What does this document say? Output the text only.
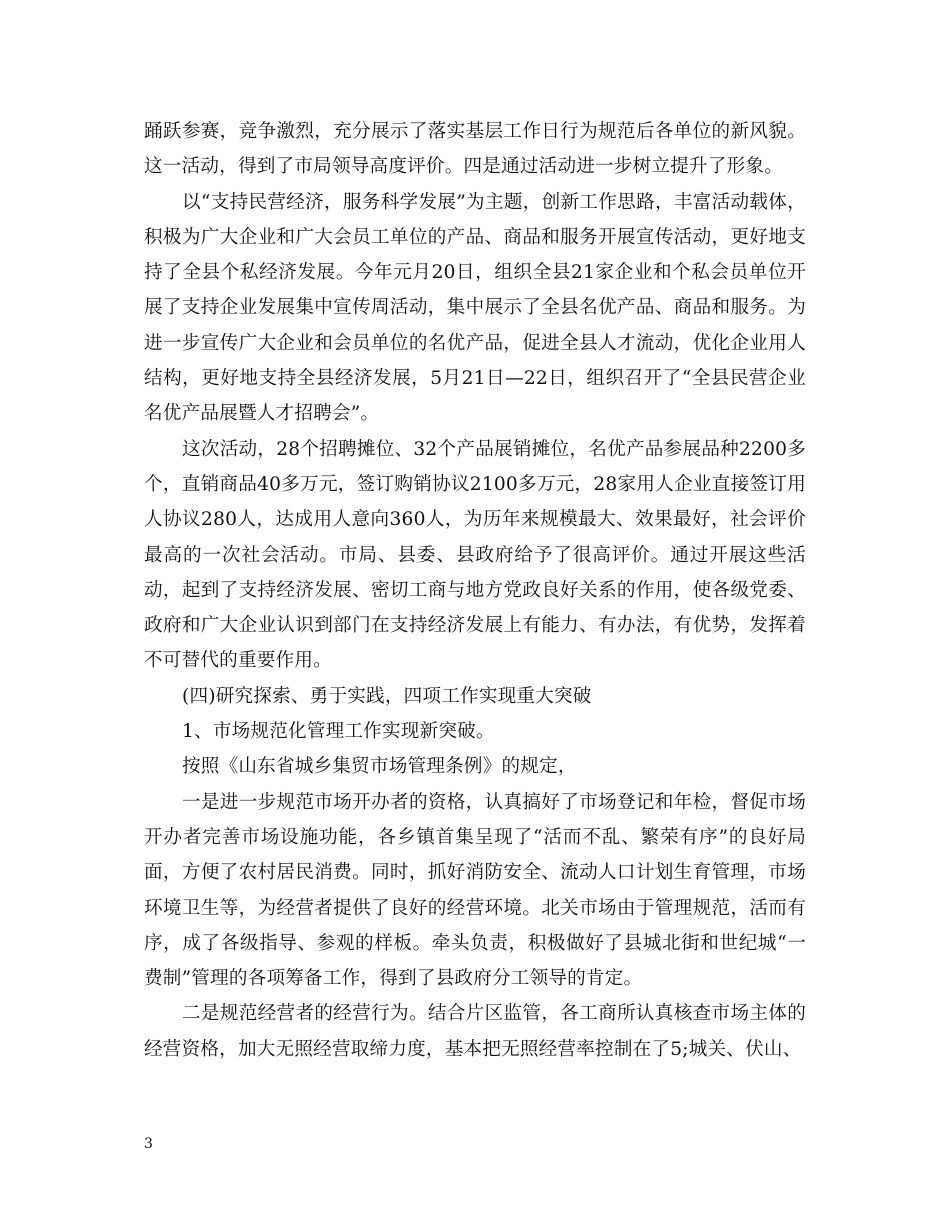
踊跃参赛，竞争激烈，充分展示了落实基层工作日行为规范后各单位的新风貌。这一活动，得到了市局领导高度评价。四是通过活动进一步树立提升了形象。

以“支持民营经济，服务科学发展”为主题，创新工作思路，丰富活动载体，积极为广大企业和广大会员工单位的产品、商品和服务开展宣传活动，更好地支持了全县个私经济发展。今年元月20日，组织全县21家企业和个私会员单位开展了支持企业发展集中宣传周活动，集中展示了全县名优产品、商品和服务。为进一步宣传广大企业和会员单位的名优产品，促进全县人才流动，优化企业用人结构，更好地支持全县经济发展，5月21日—22日，组织召开了“全县民营企业名优产品展暨人才招聘会”。

这次活动，28个招聘摊位、32个产品展销摊位，名优产品参展品种2200多个，直销商品40多万元，签订购销协议2100多万元，28家用人企业直接签订用人协议280人，达成用人意向360人，为历年来规模最大、效果最好，社会评价最高的一次社会活动。市局、县委、县政府给予了很高评价。通过开展这些活动，起到了支持经济发展、密切工商与地方党政良好关系的作用，使各级党委、政府和广大企业认识到部门在支持经济发展上有能力、有办法，有优势，发挥着不可替代的重要作用。

(四)研究探索、勇于实践，四项工作实现重大突破

1、市场规范化管理工作实现新突破。

按照《山东省城乡集贸市场管理条例》的规定，

一是进一步规范市场开办者的资格，认真搞好了市场登记和年检，督促市场开办者完善市场设施功能，各乡镇首集呈现了“活而不乱、繁荣有序”的良好局面，方便了农村居民消费。同时，抓好消防安全、流动人口计划生育管理，市场环境卫生等，为经营者提供了良好的经营环境。北关市场由于管理规范，活而有序，成了各级指导、参观的样板。牵头负责，积极做好了县城北街和世纪城“一费制”管理的各项筹备工作，得到了县政府分工领导的肯定。

二是规范经营者的经营行为。结合片区监管，各工商所认真核查市场主体的经营资格，加大无照经营取缔力度，基本把无照经营率控制在了5;城关、伏山、

3
